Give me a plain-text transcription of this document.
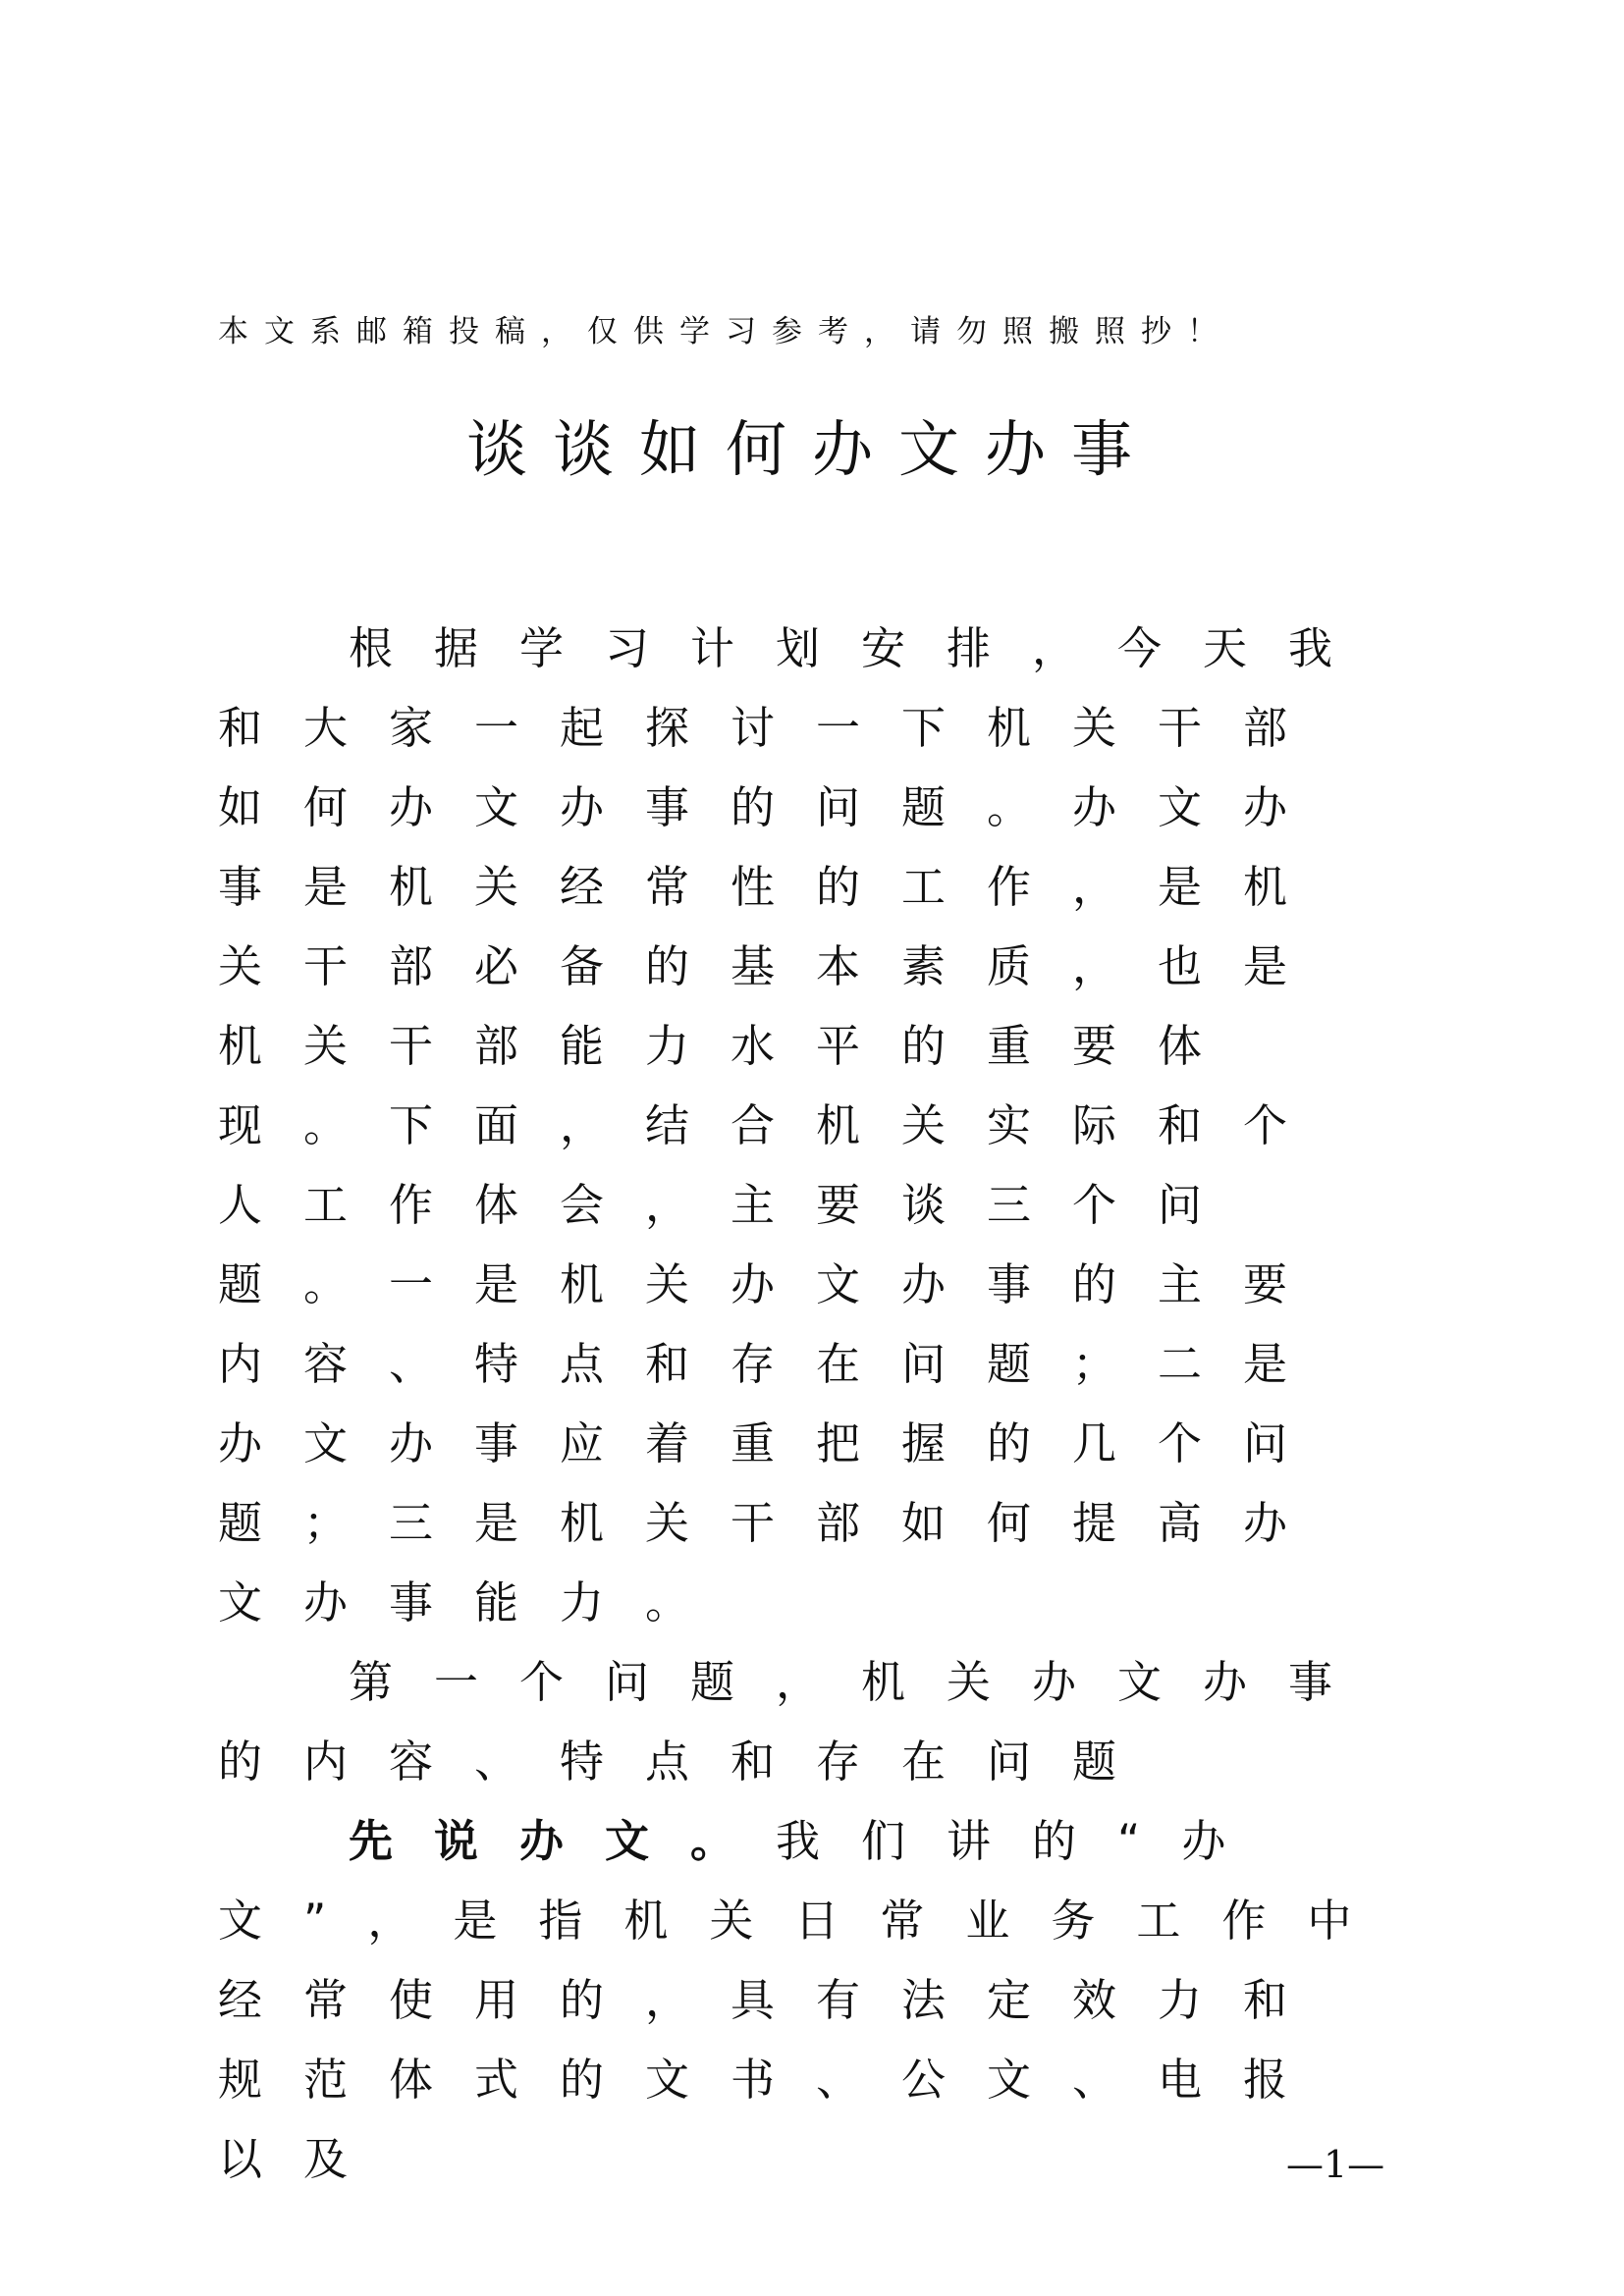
本文系邮箱投稿，仅供学习参考，请勿照搬照抄！
谈谈如何办文办事

根据学习计划安排，今天我和大家一起探讨一下机关干部如何办文办事的问题。办文办事是机关经常性的工作，是机关干部必备的基本素质，也是机关干部能力水平的重要体现。下面，结合机关实际和个人工作体会，主要谈三个问题。一是机关办文办事的主要内容、特点和存在问题；二是办文办事应着重把握的几个问题；三是机关干部如何提高办文办事能力。

第一个问题，机关办文办事的内容、特点和存在问题

先说办文。我们讲的“办文”，是指机关日常业务工作中经常使用的，具有法定效力和规范体式的文书、公文、电报以及	—1—
